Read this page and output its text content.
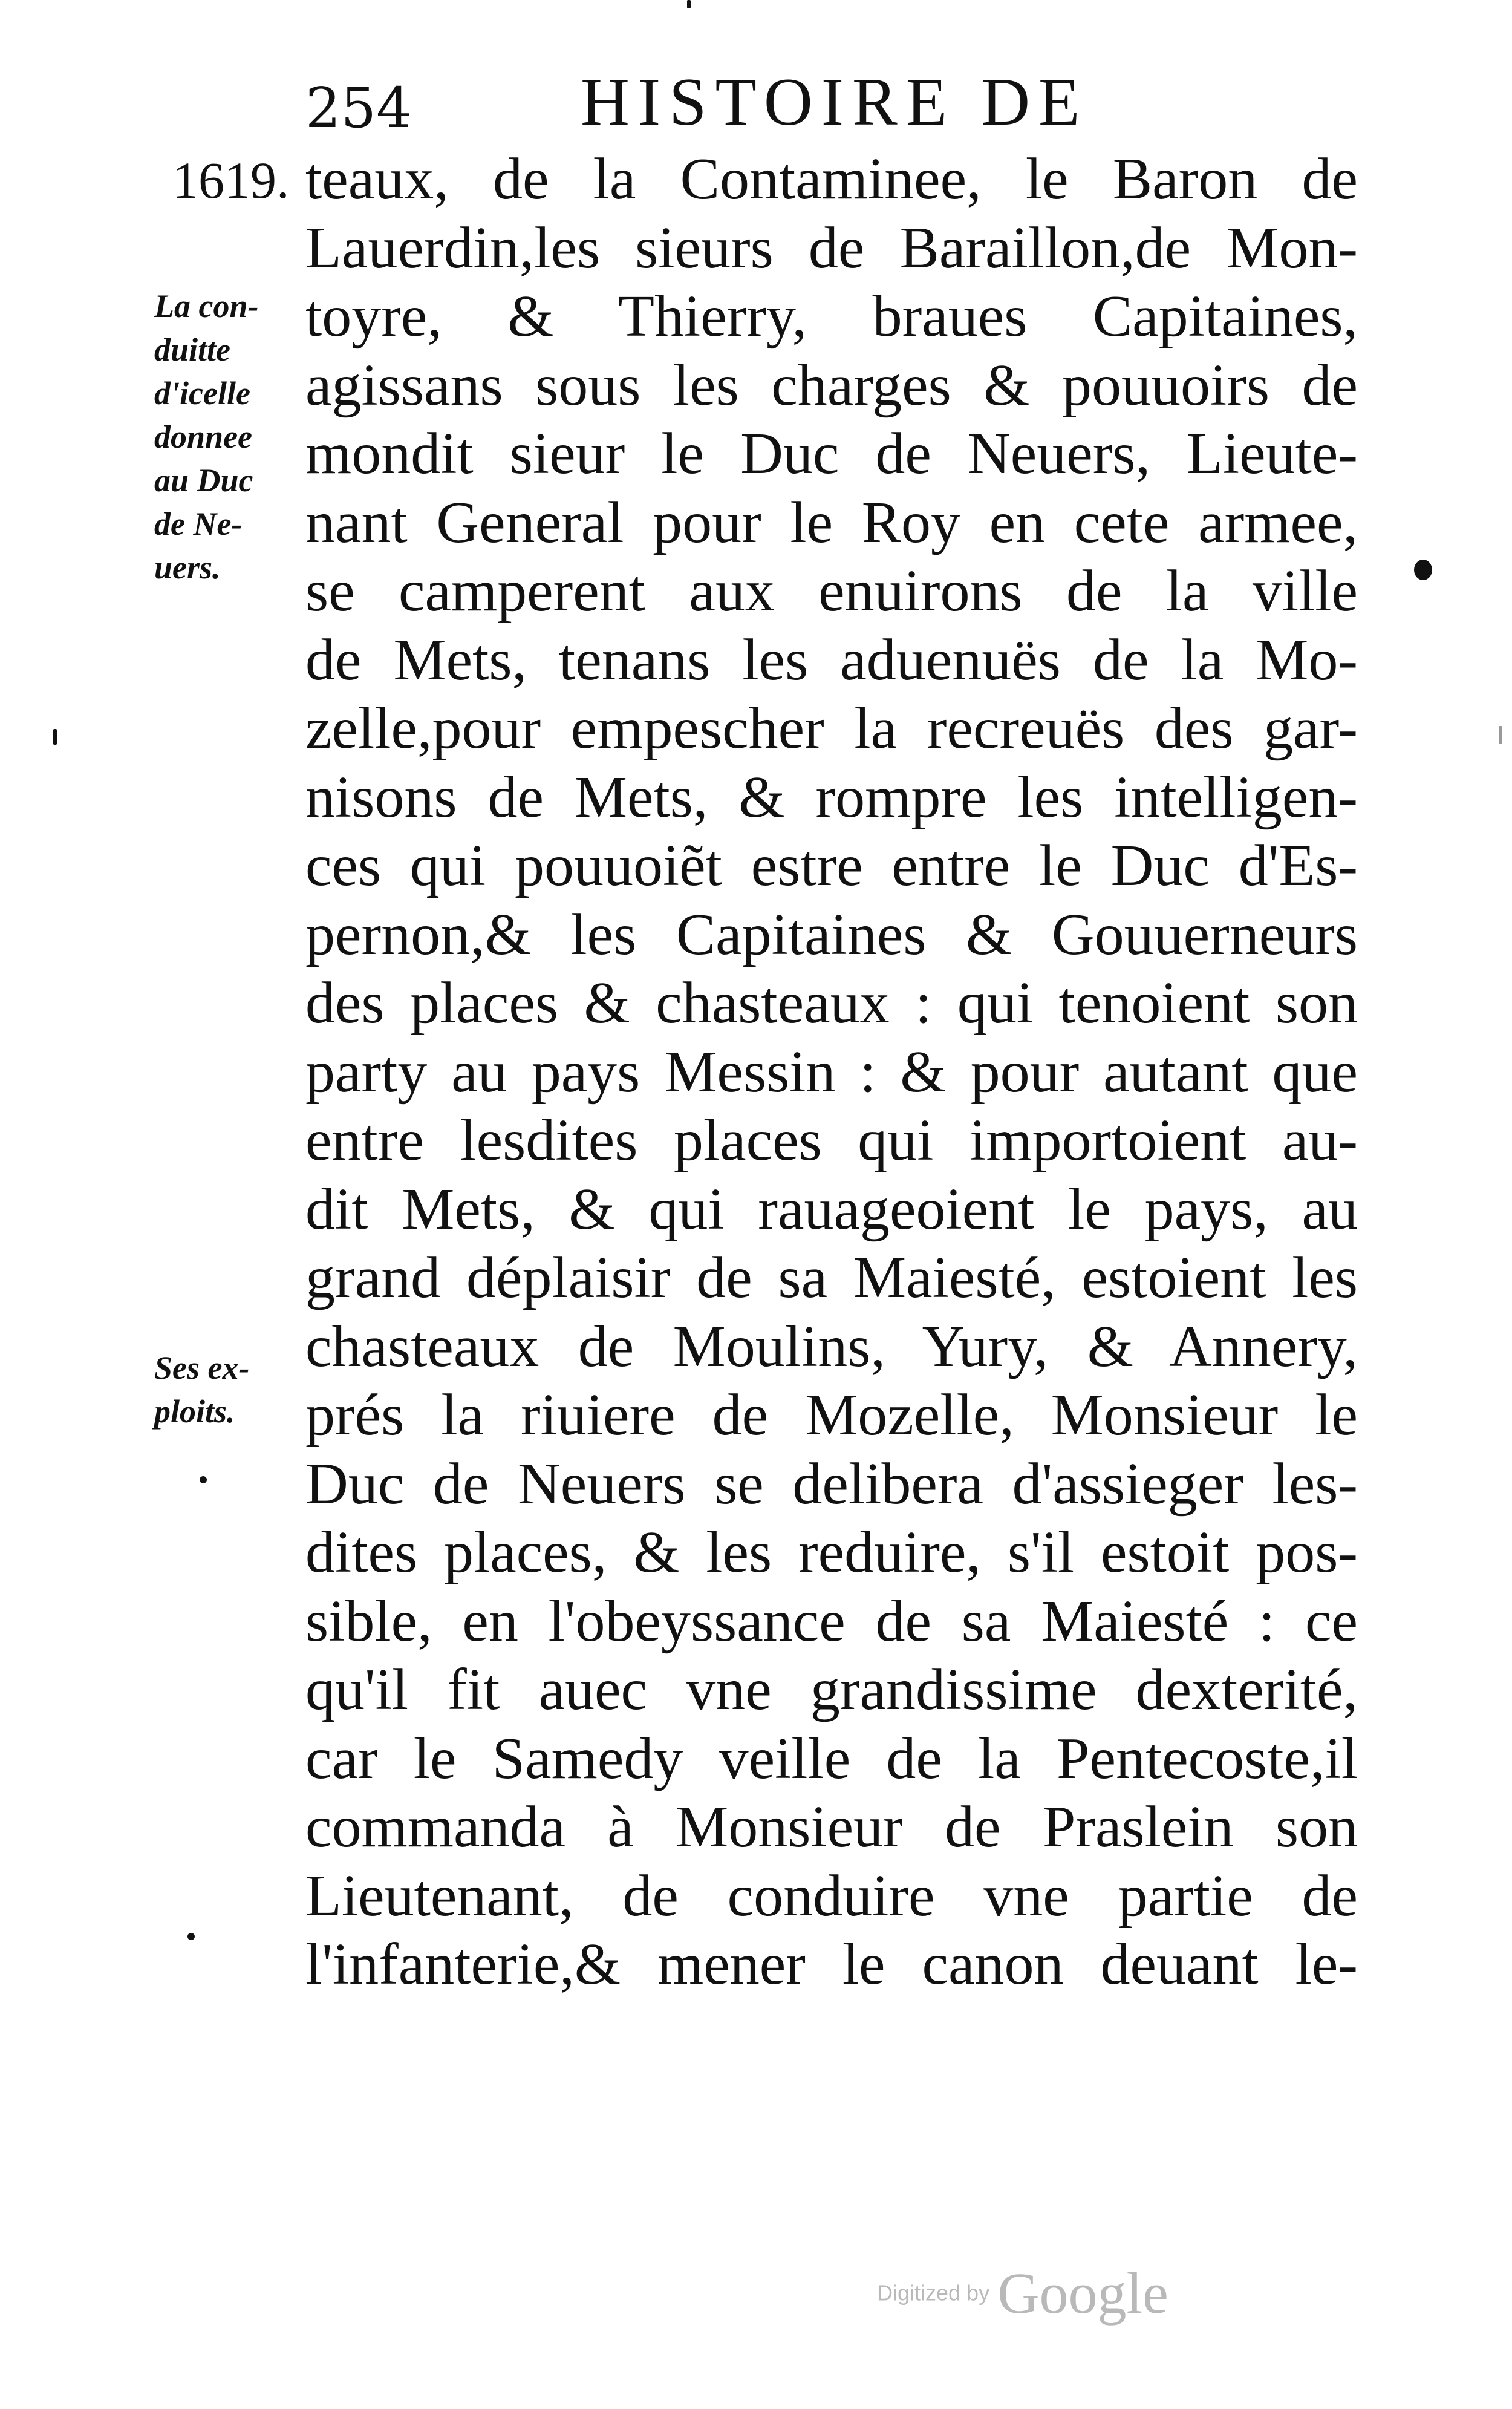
254 HISTOIRE DE
1619.
La con-
duitte
d'icelle
donnee
au Duc
de Ne-
uers.
Ses ex-
ploits.
teaux, de la Contaminee, le Baron de
Lauerdin,les sieurs de Baraillon,de Mon-
toyre, & Thierry, braues Capitaines,
agissans sous les charges & pouuoirs de
mondit sieur le Duc de Neuers, Lieute-
nant General pour le Roy en cete armee,
se camperent aux enuirons de la ville
de Mets, tenans les aduenuës de la Mo-
zelle,pour empescher la recreuës des gar-
nisons de Mets, & rompre les intelligen-
ces qui pouuoiẽt estre entre le Duc d'Es-
pernon,& les Capitaines & Gouuerneurs
des places & chasteaux : qui tenoient son
party au pays Messin : & pour autant que
entre lesdites places qui importoient au-
dit Mets, & qui rauageoient le pays, au
grand déplaisir de sa Maiesté, estoient les
chasteaux de Moulins, Yury, & Annery,
prés la riuiere de Mozelle, Monsieur le
Duc de Neuers se delibera d'assieger les-
dites places, & les reduire, s'il estoit pos-
sible, en l'obeyssance de sa Maiesté : ce
qu'il fit auec vne grandissime dexterité,
car le Samedy veille de la Pentecoste,il
commanda à Monsieur de Praslein son
Lieutenant, de conduire vne partie de
l'infanterie,& mener le canon deuant le-
Digitized by Google
